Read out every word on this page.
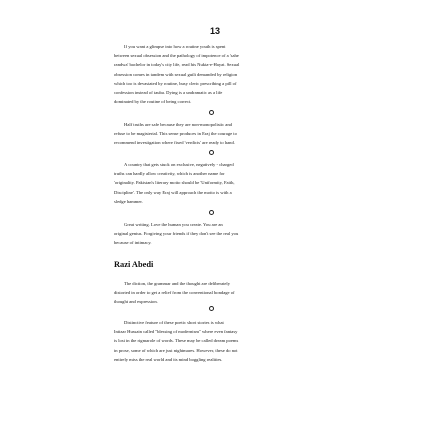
13

If you want a glimpse into how a routine youth is spent
between sexual obsession and the pathology of impotence of a 'sahe
randwa' bachelor in today's city life, read his Nukta-e-Hayat. Sexual
obsession comes in tandem with sexual guilt demanded by religion
which too is devastated by routine, busy cleric prescribing a pill of
confession instead of tauba. Dying is a undramatic as a life
dominated by the routine of being correct.

Half truths are safe because they are non-monopolistic and
refuse to be magisterial. This sense produces in Eraj the courage to
recommend investigation where fixed 'verdicts' are ready to hand.

A country that gets stuck on exclusive, negatively - charged
truths can hardly allow creativity, which is another name for
'originality. Pakistan's literary motto should be 'Uniformity, Faith,
Discipline'. The only way Eraj will approach the motto is with a
sledge hammer.

Great writing. Love the human you create. You are an
original genius. Forgiving your friends if they don't see the real you
because of intimacy.

Razi Abedi

The diction, the grammar and the thought are deliberately
distorted in order to get a relief from the conventional bondage of
thought and expression.

Distinctive feature of these poetic short stories is what
Intizar Hussain called "blessing of modernism" where even fantasy
is lost in the rigmarole of words. These may be called dream poems
in prose, some of which are just nightmares. However, these do not
entirely miss the real world and its mind boggling realities.
